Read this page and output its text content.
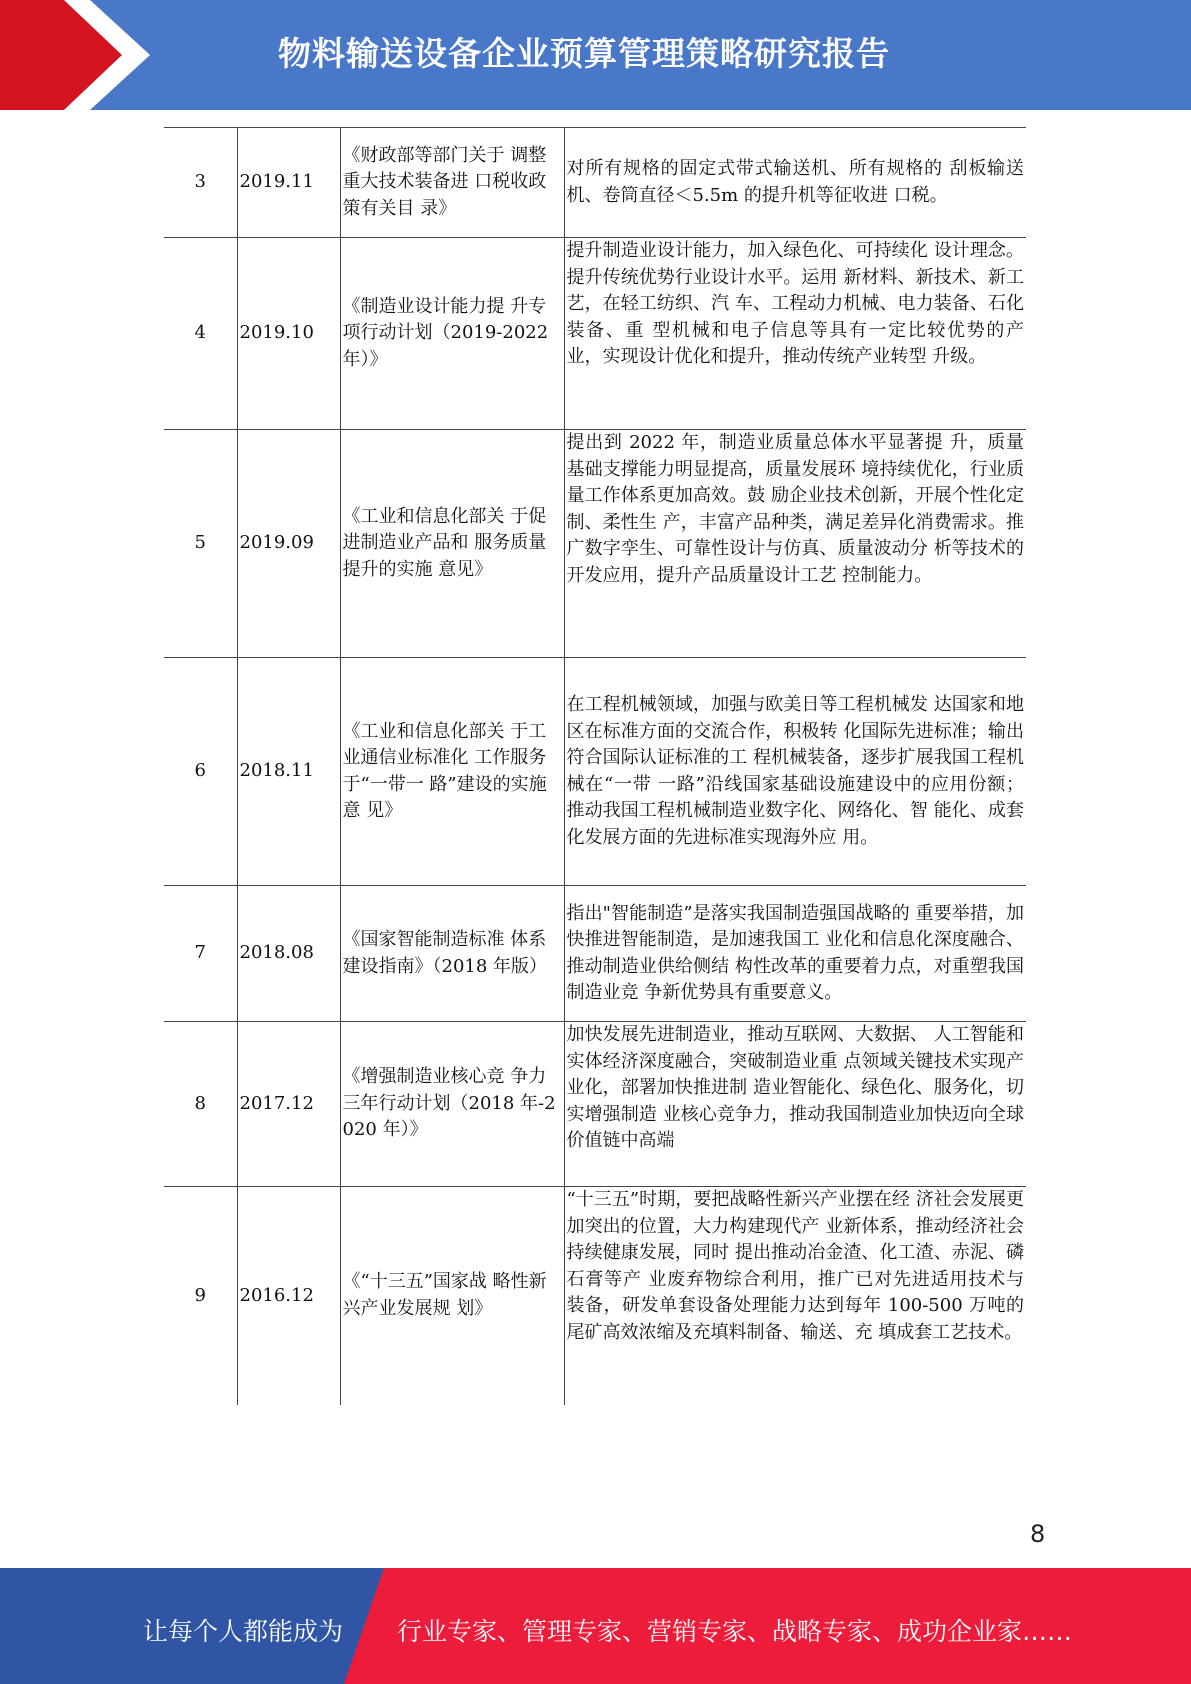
物料输送设备企业预算管理策略研究报告
3	2019.11	《财政部等部门关于 调整重大技术装备进 口税收政策有关目 录》	对所有规格的固定式带式输送机、所有规格的 刮板输送机、卷筒直径＜5.5m 的提升机等征收进 口税。
4	2019.10	《制造业设计能力提 升专项行动计划（2019-2022 年）》	提升制造业设计能力，加入绿色化、可持续化 设计理念。提升传统优势行业设计水平。运用 新材料、新技术、新工艺，在轻工纺织、汽 车、工程动力机械、电力装备、石化装备、重 型机械和电子信息等具有一定比较优势的产 业，实现设计优化和提升，推动传统产业转型 升级。
5	2019.09	《工业和信息化部关 于促进制造业产品和 服务质量提升的实施 意见》	提出到 2022 年，制造业质量总体水平显著提 升，质量基础支撑能力明显提高，质量发展环 境持续优化，行业质量工作体系更加高效。鼓 励企业技术创新，开展个性化定制、柔性生 产，丰富产品种类，满足差异化消费需求。推 广数字孪生、可靠性设计与仿真、质量波动分 析等技术的开发应用，提升产品质量设计工艺 控制能力。
6	2018.11	《工业和信息化部关 于工业通信业标准化 工作服务于“一带一 路”建设的实施意 见》	在工程机械领域，加强与欧美日等工程机械发 达国家和地区在标准方面的交流合作，积极转 化国际先进标准；输出符合国际认证标准的工 程机械装备，逐步扩展我国工程机械在“一带 一路”沿线国家基础设施建设中的应用份额； 推动我国工程机械制造业数字化、网络化、智 能化、成套化发展方面的先进标准实现海外应 用。
7	2018.08	《国家智能制造标准 体系建设指南》（2018 年版）	指出"智能制造”是落实我国制造强国战略的 重要举措，加快推进智能制造，是加速我国工 业化和信息化深度融合、推动制造业供给侧结 构性改革的重要着力点，对重塑我国制造业竞 争新优势具有重要意义。
8	2017.12	《增强制造业核心竞 争力三年行动计划（2018 年-2020 年）》	加快发展先进制造业，推动互联网、大数据、 人工智能和实体经济深度融合，突破制造业重 点领域关键技术实现产业化，部署加快推进制 造业智能化、绿色化、服务化，切实增强制造 业核心竞争力，推动我国制造业加快迈向全球 价值链中高端
9	2016.12	《“十三五”国家战 略性新兴产业发展规 划》	“十三五”时期，要把战略性新兴产业摆在经 济社会发展更加突出的位置，大力构建现代产 业新体系，推动经济社会持续健康发展，同时 提出推动冶金渣、化工渣、赤泥、磷石膏等产 业废弃物综合利用，推广已对先进适用技术与 装备，研发单套设备处理能力达到每年 100-500 万吨的尾矿高效浓缩及充填料制备、输送、充 填成套工艺技术。
8
让每个人都能成为 行业专家、管理专家、营销专家、战略专家、成功企业家……
